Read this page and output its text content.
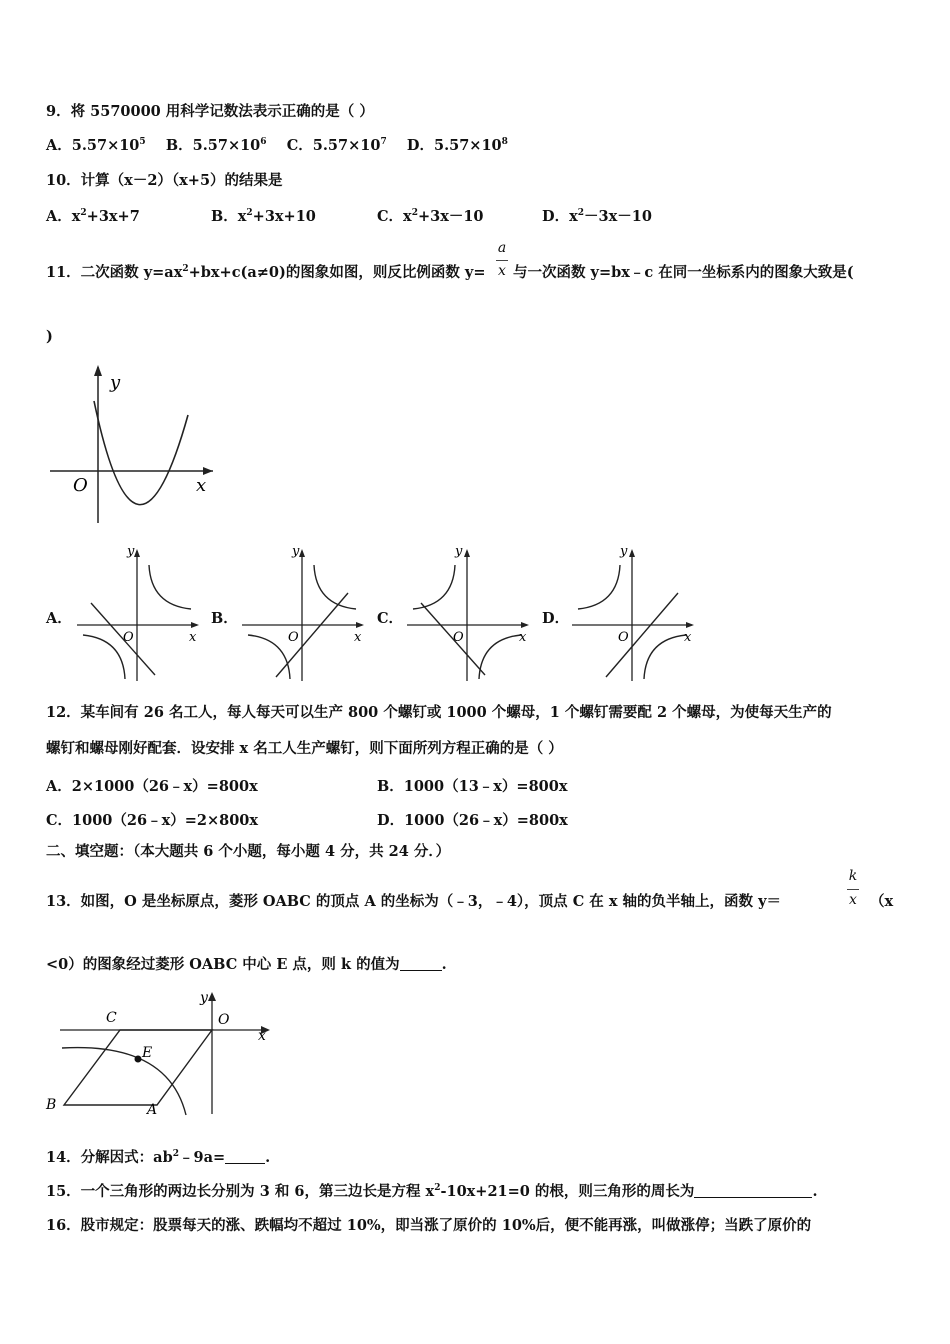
9．将 5570000 用科学记数法表示正确的是（ ）
A．$5.57\times 10^5$ B．$5.57\times 10^6$ C．$5.57\times 10^7$ D．$5.57\times 10^8$
10．计算（x－2）（x+5）的结果是
A．$x^2+3x+7$	B．$x^2+3x+10$	C．$x^2+3x-10$	D．$x^2-3x-10$
11．二次函数 $y=ax^2+bx+c(a\ne 0)$的图象如图，则反比例函数 y=
a
x 与一次函数 y=bx﹣c 在同一坐标系内的图象大致是(
)
y
x
O
A．
y
x
O
B．
y
x
O
C．
y
x
O
D．
y
x
O
12．某车间有 26 名工人，每人每天可以生产 800 个螺钉或 1000 个螺母，1 个螺钉需要配 2 个螺母，为使每天生产的
螺钉和螺母刚好配套．设安排 x 名工人生产螺钉，则下面所列方程正确的是（ ）
A．2×1000（26﹣x）=800x	B．1000（13﹣x）=800x
C．1000（26﹣x）=2×800x	D．1000（26﹣x）=800x
二、填空题：（本大题共 6 个小题，每小题 4 分，共 24 分．）
13．如图，O 是坐标原点，菱形 OABC 的顶点 A 的坐标为（﹣3，﹣4），顶点 C 在 x 轴的负半轴上，函数 y＝
k
x （x
<0）的图象经过菱形 OABC 中心 E 点，则 k 的值为	.
C	O
y
x
E
B	A
14．分解因式：$ab^2﹣9a=$	.
15．一个三角形的两边长分别为 3 和 6，第三边长是方程 $x^2-10x+21=0$ 的根，则三角形的周长为	.
16．股市规定：股票每天的涨、跌幅均不超过 10%，即当涨了原价的 10%后，便不能再涨，叫做涨停；当跌了原价的
